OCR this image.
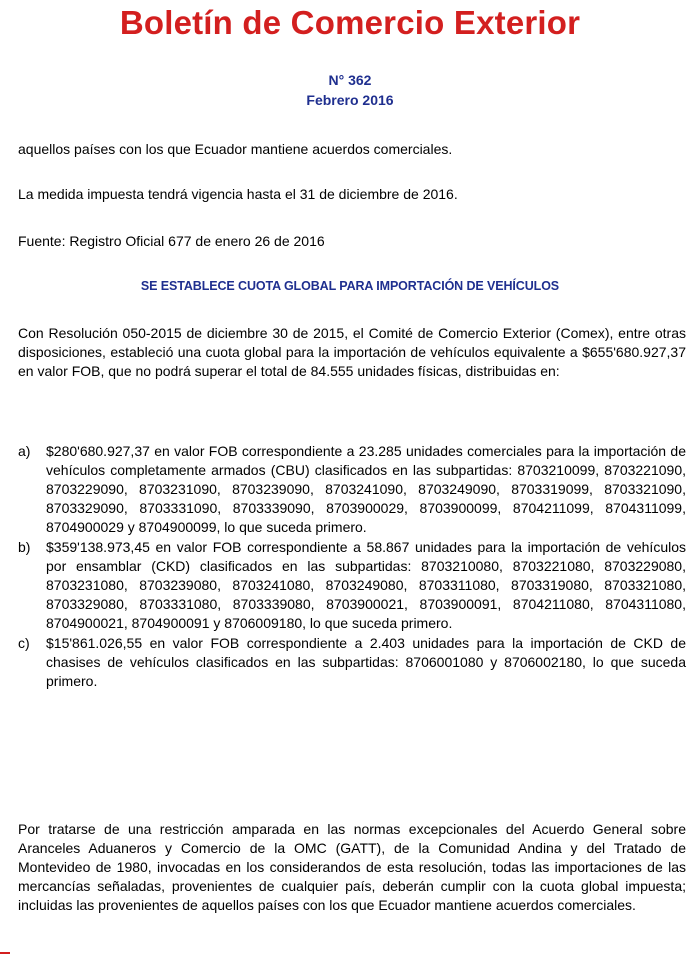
Boletín de Comercio Exterior
N° 362
Febrero 2016

aquellos países con los que Ecuador mantiene acuerdos comerciales.

La medida impuesta tendrá vigencia hasta el 31 de diciembre de 2016.

Fuente: Registro Oficial 677 de enero 26 de 2016

SE ESTABLECE CUOTA GLOBAL PARA IMPORTACIÓN DE VEHÍCULOS

Con Resolución 050-2015 de diciembre 30 de 2015, el Comité de Comercio Exterior (Comex), entre otras disposiciones, estableció una cuota global para la importación de vehículos equivalente a $655'680.927,37 en valor FOB, que no podrá superar el total de 84.555 unidades físicas, distribuidas en:

a)	$280'680.927,37 en valor FOB correspondiente a 23.285 unidades comerciales para la importación de vehículos completamente armados (CBU) clasificados en las subpartidas: 8703210099, 8703221090, 8703229090, 8703231090, 8703239090, 8703241090, 8703249090, 8703319099, 8703321090, 8703329090, 8703331090, 8703339090, 8703900029, 8703900099, 8704211099, 8704311099, 8704900029 y 8704900099, lo que suceda primero.
b)	$359'138.973,45 en valor FOB correspondiente a 58.867 unidades para la importación de vehículos por ensamblar (CKD) clasificados en las subpartidas: 8703210080, 8703221080, 8703229080, 8703231080, 8703239080, 8703241080, 8703249080, 8703311080, 8703319080, 8703321080, 8703329080, 8703331080, 8703339080, 8703900021, 8703900091, 8704211080, 8704311080, 8704900021, 8704900091 y 8706009180, lo que suceda primero.
c)	$15'861.026,55 en valor FOB correspondiente a 2.403 unidades para la importación de CKD de chasises de vehículos clasificados en las subpartidas: 8706001080 y 8706002180, lo que suceda primero.

Por tratarse de una restricción amparada en las normas excepcionales del Acuerdo General sobre Aranceles Aduaneros y Comercio de la OMC (GATT), de la Comunidad Andina y del Tratado de Montevideo de 1980, invocadas en los considerandos de esta resolución, todas las importaciones de las mercancías señaladas, provenientes de cualquier país, deberán cumplir con la cuota global impuesta; incluidas las provenientes de aquellos países con los que Ecuador mantiene acuerdos comerciales.
